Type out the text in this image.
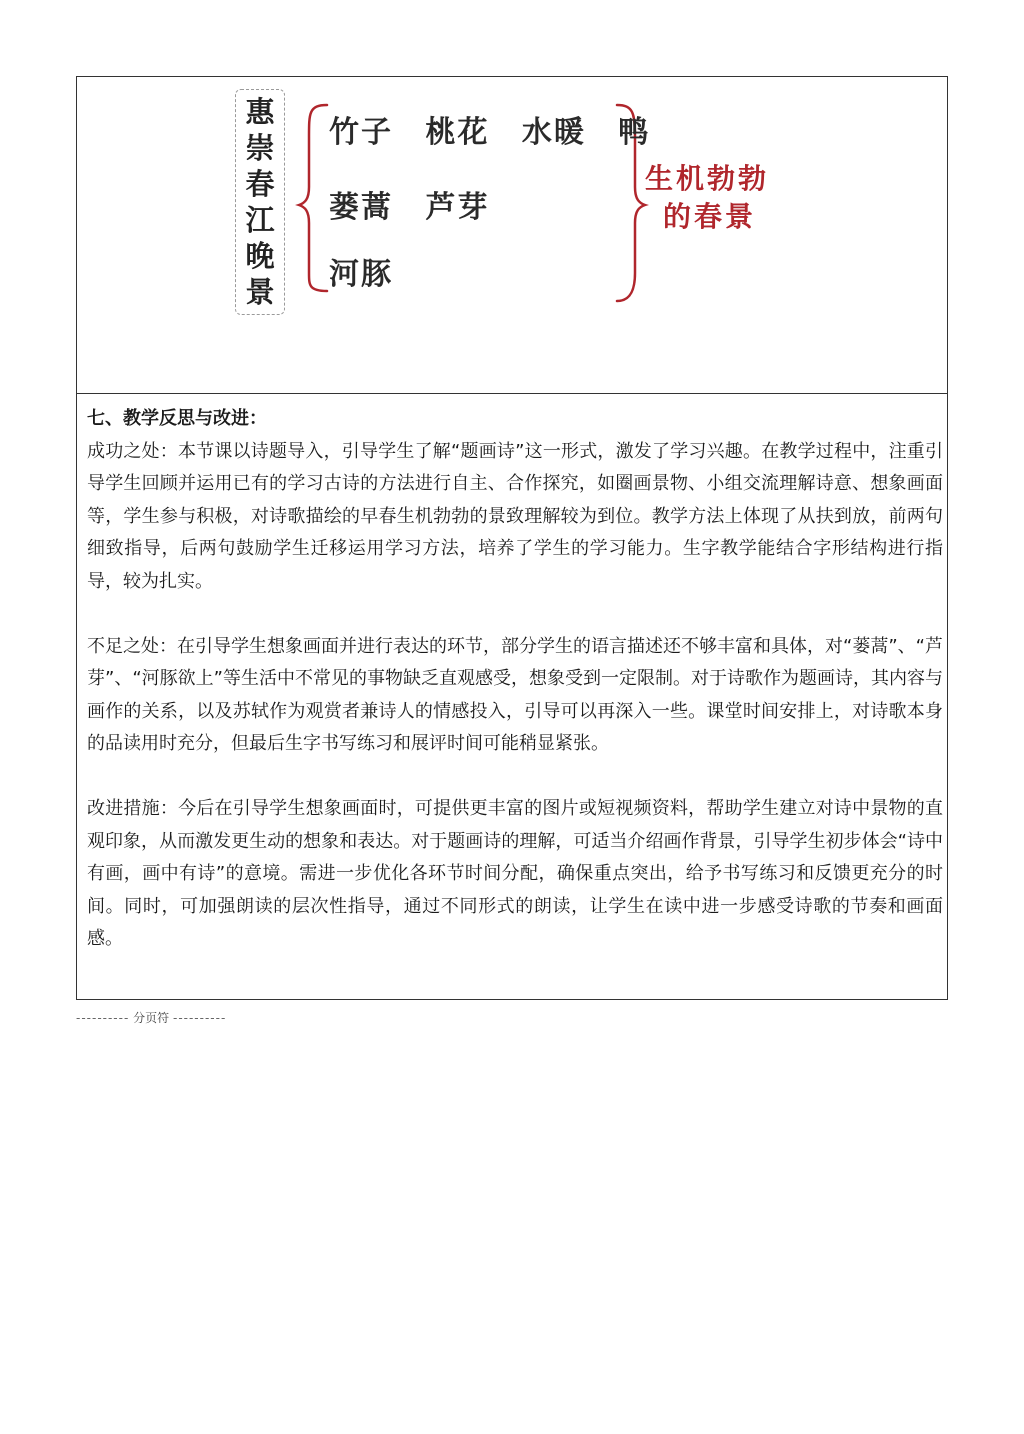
惠
崇
春
江
晚
景
竹子 桃花 水暖 鸭
蒌蒿 芦芽
河豚
生机勃勃
的春景

七、教学反思与改进：

成功之处：本节课以诗题导入，引导学生了解“题画诗”这一形式，激发了学习兴趣。在教学过程中，注重引导学生回顾并运用已有的学习古诗的方法进行自主、合作探究，如圈画景物、小组交流理解诗意、想象画面等，学生参与积极，对诗歌描绘的早春生机勃勃的景致理解较为到位。教学方法上体现了从扶到放，前两句细致指导，后两句鼓励学生迁移运用学习方法，培养了学生的学习能力。生字教学能结合字形结构进行指导，较为扎实。

不足之处：在引导学生想象画面并进行表达的环节，部分学生的语言描述还不够丰富和具体，对“蒌蒿”、“芦芽”、“河豚欲上”等生活中不常见的事物缺乏直观感受，想象受到一定限制。对于诗歌作为题画诗，其内容与画作的关系，以及苏轼作为观赏者兼诗人的情感投入，引导可以再深入一些。课堂时间安排上，对诗歌本身的品读用时充分，但最后生字书写练习和展评时间可能稍显紧张。

改进措施：今后在引导学生想象画面时，可提供更丰富的图片或短视频资料，帮助学生建立对诗中景物的直观印象，从而激发更生动的想象和表达。对于题画诗的理解，可适当介绍画作背景，引导学生初步体会“诗中有画，画中有诗”的意境。需进一步优化各环节时间分配，确保重点突出，给予书写练习和反馈更充分的时间。同时，可加强朗读的层次性指导，通过不同形式的朗读，让学生在读中进一步感受诗歌的节奏和画面感。

---------- 分页符 ----------
